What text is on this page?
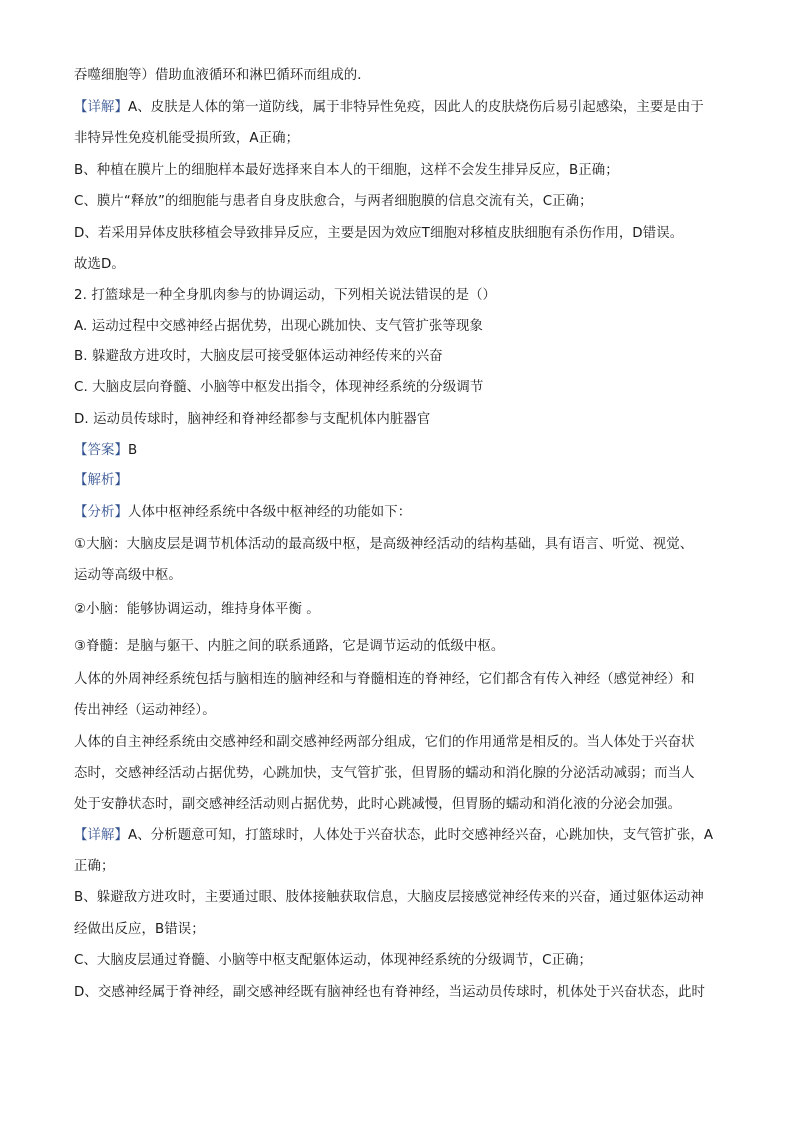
吞噬细胞等）借助血液循环和淋巴循环而组成的．
【详解】A、皮肤是人体的第一道防线，属于非特异性免疫，因此人的皮肤烧伤后易引起感染，主要是由于
非特异性免疫机能受损所致，A正确；
B、种植在膜片上的细胞样本最好选择来自本人的干细胞，这样不会发生排异反应，B正确；
C、膜片“释放”的细胞能与患者自身皮肤愈合，与两者细胞膜的信息交流有关，C正确；
D、若采用异体皮肤移植会导致排异反应，主要是因为效应T细胞对移植皮肤细胞有杀伤作用，D错误。
故选D。
2. 打篮球是一种全身肌肉参与的协调运动，下列相关说法错误的是（）
A. 运动过程中交感神经占据优势，出现心跳加快、支气管扩张等现象
B. 躲避敌方进攻时，大脑皮层可接受躯体运动神经传来的兴奋
C. 大脑皮层向脊髓、小脑等中枢发出指令，体现神经系统的分级调节
D. 运动员传球时，脑神经和脊神经都参与支配机体内脏器官
【答案】B
【解析】
【分析】人体中枢神经系统中各级中枢神经的功能如下：
①大脑：大脑皮层是调节机体活动的最高级中枢，是高级神经活动的结构基础，具有语言、听觉、视觉、
运动等高级中枢。
②小脑：能够协调运动，维持身体平衡 。
③脊髓：是脑与躯干、内脏之间的联系通路，它是调节运动的低级中枢。
人体的外周神经系统包括与脑相连的脑神经和与脊髓相连的脊神经，它们都含有传入神经（感觉神经）和
传出神经（运动神经）。
人体的自主神经系统由交感神经和副交感神经两部分组成，它们的作用通常是相反的。当人体处于兴奋状
态时，交感神经活动占据优势，心跳加快，支气管扩张，但胃肠的蠕动和消化腺的分泌活动减弱；而当人
处于安静状态时，副交感神经活动则占据优势，此时心跳减慢，但胃肠的蠕动和消化液的分泌会加强。
【详解】A、分析题意可知，打篮球时，人体处于兴奋状态，此时交感神经兴奋，心跳加快，支气管扩张，A
正确；
B、躲避敌方进攻时，主要通过眼、肢体接触获取信息，大脑皮层接感觉神经传来的兴奋，通过躯体运动神
经做出反应，B错误；
C、大脑皮层通过脊髓、小脑等中枢支配躯体运动，体现神经系统的分级调节，C正确；
D、交感神经属于脊神经，副交感神经既有脑神经也有脊神经，当运动员传球时，机体处于兴奋状态，此时
